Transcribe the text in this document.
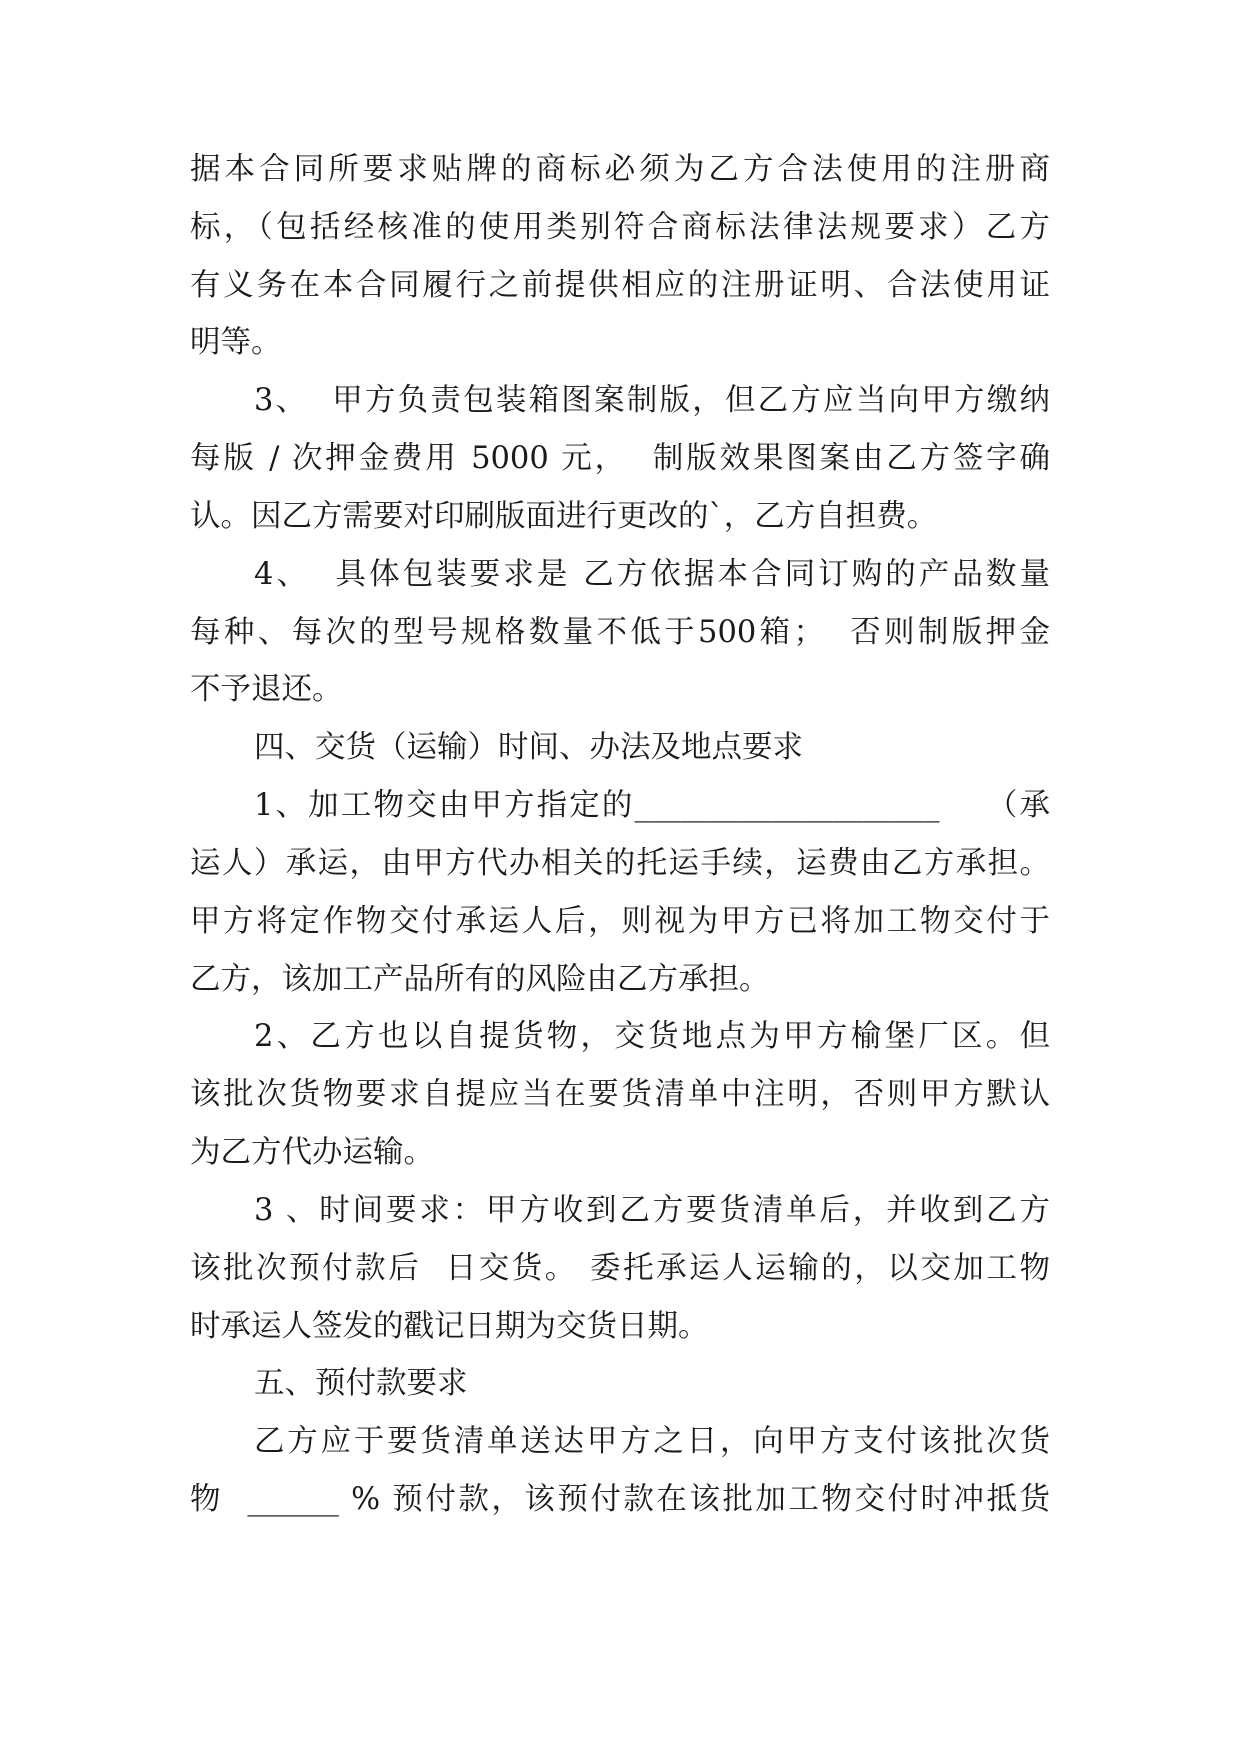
据本合同所要求贴牌的商标必须为乙方合法使用的注册商
标，（包括经核准的使用类别符合商标法律法规要求）乙方
有义务在本合同履行之前提供相应的注册证明、合法使用证
明等。
3、  甲方负责包装箱图案制版，但乙方应当向甲方缴纳
每版 / 次押金费用 5000 元，  制版效果图案由乙方签字确
认。因乙方需要对印刷版面进行更改的`，乙方自担费。
4、  具体包装要求是 乙方依据本合同订购的产品数量
每种、每次的型号规格数量不低于500箱；  否则制版押金
不予退还。
四、交货（运输）时间、办法及地点要求
1、加工物交由甲方指定的____________________    （承
运人）承运，由甲方代办相关的托运手续，运费由乙方承担。
甲方将定作物交付承运人后，则视为甲方已将加工物交付于
乙方，该加工产品所有的风险由乙方承担。
2、乙方也以自提货物，交货地点为甲方榆堡厂区。但
该批次货物要求自提应当在要货清单中注明，否则甲方默认
为乙方代办运输。
3 、时间要求：甲方收到乙方要货清单后，并收到乙方
该批次预付款后  日交货。 委托承运人运输的，以交加工物
时承运人签发的戳记日期为交货日期。
五、预付款要求
乙方应于要货清单送达甲方之日，向甲方支付该批次货
物  ______ % 预付款，该预付款在该批加工物交付时冲抵货
